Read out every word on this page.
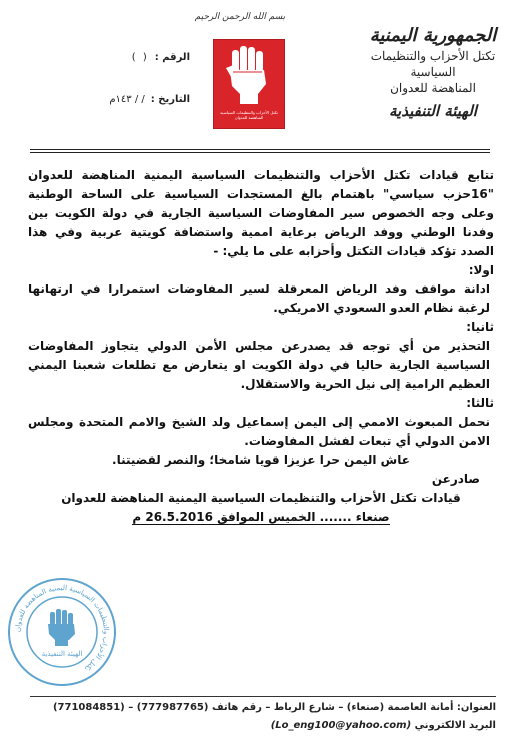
بسم الله الرحمن الرحيم
تكتل الأحزاب والتنظيمات السياسية المناهضة للعدوان
الجمهورية اليمنية
تكتل الأحزاب والتنظيمات السياسية
المناهضة للعدوان
الهيئة التنفيذية
الرقم :
( )
التاريخ :
/ / ١٤٣م

تتابع قيادات تكتل الأحزاب والتنظيمات السياسية اليمنية المناهضة للعدوان "16حزب سياسي" باهتمام بالغ المستجدات السياسية على الساحة الوطنية وعلى وجه الخصوص سير المفاوضات السياسية الجارية في دولة الكويت بين وفدنا الوطني ووفد الرياض برعاية اممية واستضافة كويتية عربية وفي هذا الصدد تؤكد قيادات التكتل وأحزابه على ما يلي: -

اولا:

ادانة مواقف وفد الرياض المعرقلة لسير المفاوضات استمرارا في ارتهانها لرغبة نظام العدو السعودي الامريكي.

ثانيا:

التحذير من أي توجه قد يصدرعن مجلس الأمن الدولي يتجاوز المفاوضات السياسية الجارية حاليا في دولة الكويت او يتعارض مع تطلعات شعبنا اليمني العظيم الرامية إلى نيل الحرية والاستقلال.

ثالثا:

نحمل المبعوث الاممي إلى اليمن إسماعيل ولد الشيخ والامم المتحدة ومجلس الامن الدولي أي تبعات لفشل المفاوضات.

عاش اليمن حرا عزيزا قويا شامخا؛ والنصر لقضيتنا.

صادرعن

قيادات تكتل الأحزاب والتنظيمات السياسية اليمنية المناهضة للعدوان

صنعاء ....... الخميس الموافق 26.5.2016 م

تكتل الأحزاب والتنظيمات السياسية اليمنية المناهضة للعدوان
الهيئة التنفيذية
العنوان: أمانة العاصمة (صنعاء) – شارع الرباط – رقم هاتف (777987765) – (771084851)
البريد الالكتروني (Lo_eng100@yahoo.com)
